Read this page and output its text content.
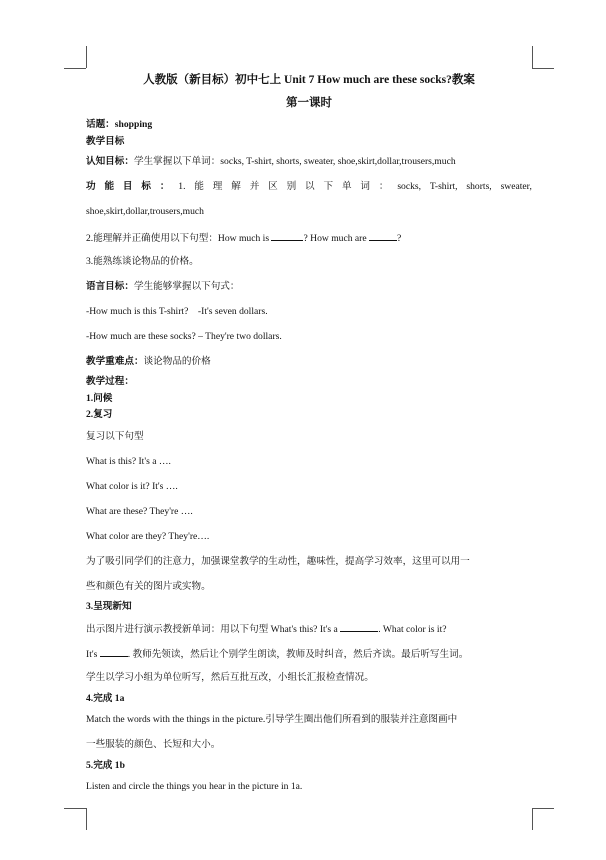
人教版（新目标）初中七上 Unit 7 How much are these socks?教案
第一课时
话题：shopping
教学目标
认知目标：学生掌握以下单词：socks, T-shirt, shorts, sweater, shoe,skirt,dollar,trousers,much
功 能 目 标 ： 1. 能 理 解 并 区 别 以 下 单 词 ： socks, T-shirt, shorts, sweater,
shoe,skirt,dollar,trousers,much
2.能理解并正确使用以下句型：How much is	? How much are	?
3.能熟练谈论物品的价格。
语言目标：学生能够掌握以下句式：
-How much is this T-shirt?    -It's seven dollars.
-How much are these socks? – They're two dollars.
教学重难点：谈论物品的价格
教学过程：
1.问候
2.复习
复习以下句型
What is this? It's a ….
What color is it? It's ….
What are these? They're ….
What color are they? They're….
为了吸引同学们的注意力，加强课堂教学的生动性，趣味性，提高学习效率，这里可以用一
些和颜色有关的图片或实物。
3.呈现新知
出示图片进行演示教授新单词：用以下句型 What's this? It's a	. What color is it?
It's	. 教师先领读，然后让个别学生朗读，教师及时纠音，然后齐读。最后听写生词。
学生以学习小组为单位听写，然后互批互改，小组长汇报检查情况。
4.完成 1a
Match the words with the things in the picture.引导学生圈出他们所看到的服装并注意图画中
一些服装的颜色、长短和大小。
5.完成 1b
Listen and circle the things you hear in the picture in 1a.
